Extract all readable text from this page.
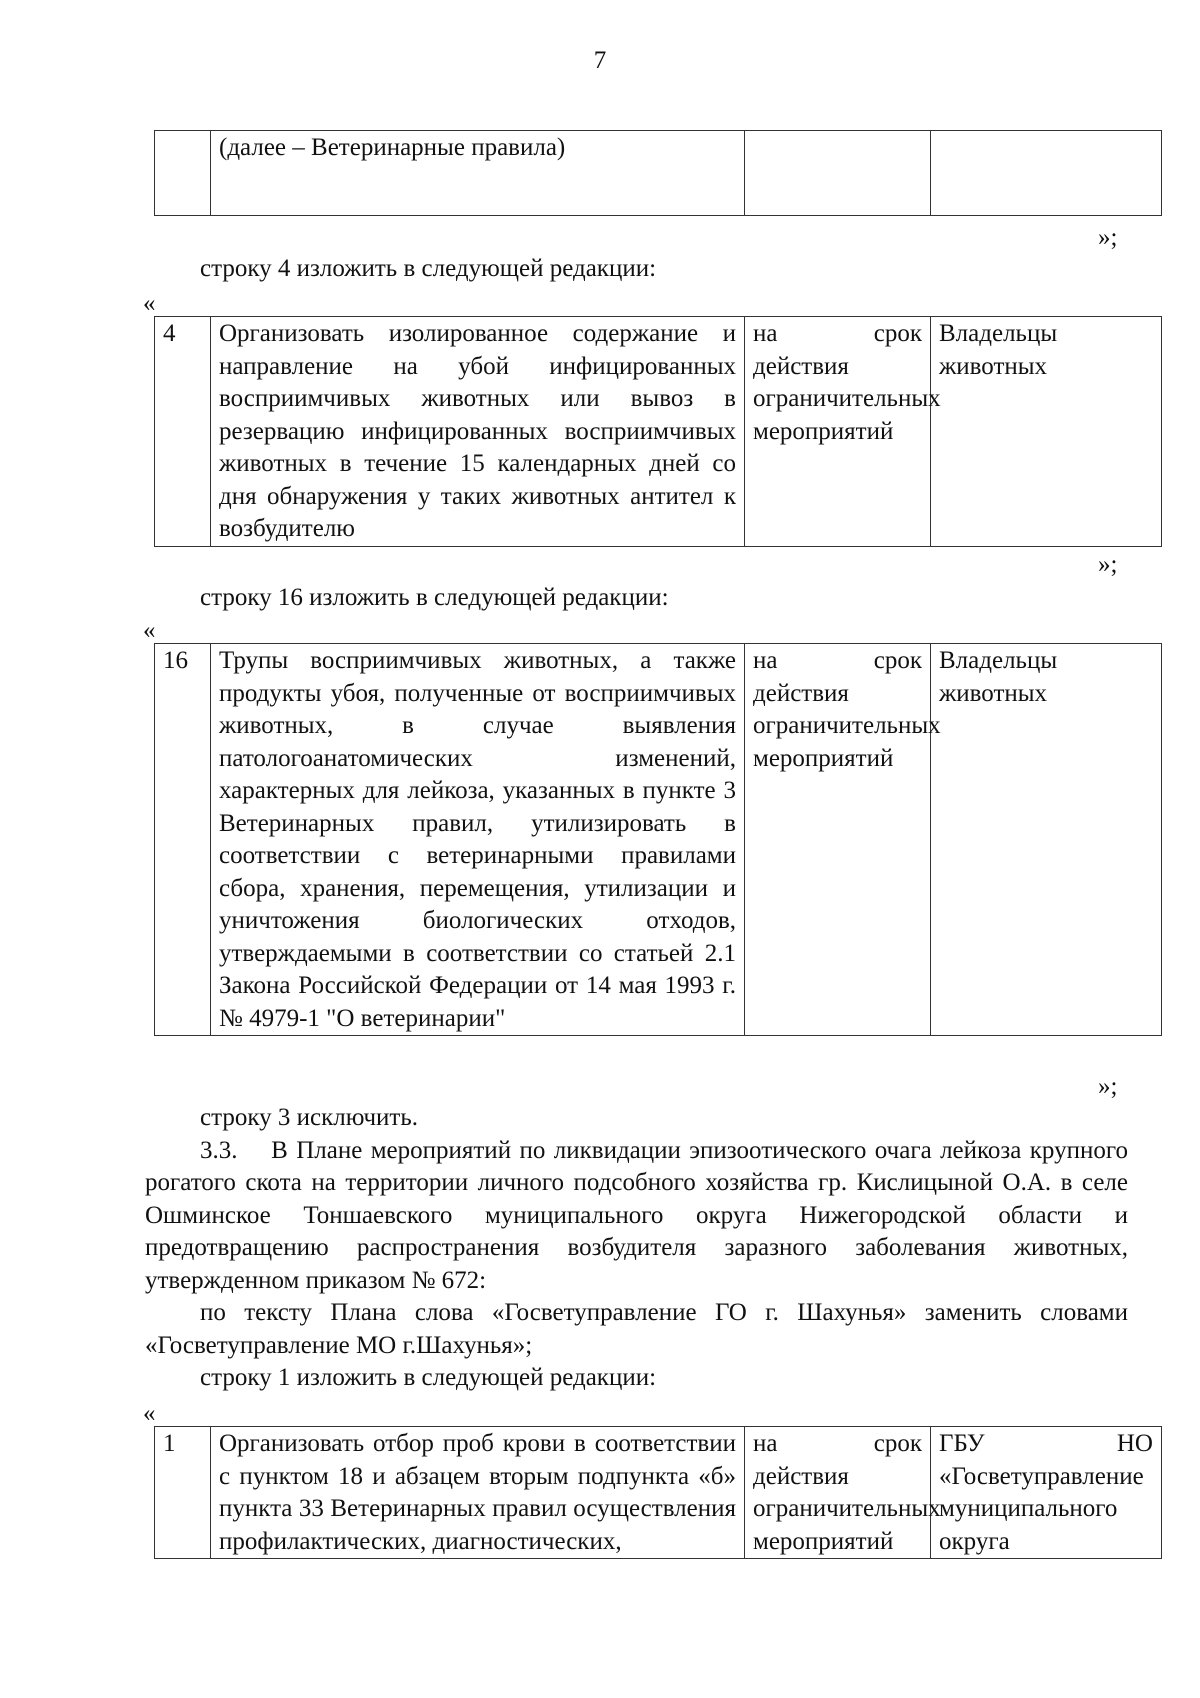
7
	(далее – Ветеринарные правила)		
»;
строку 4 изложить в следующей редакции:
«
4	Организовать изолированное содержание и направление на убой инфицированных восприимчивых животных или вывоз в резервацию инфицированных восприимчивых животных в течение 15 календарных дней со дня обнаружения у таких животных антител к возбудителю	на срок действия ограничительных мероприятий	Владельцы животных
»;
строку 16 изложить в следующей редакции:
«
16	Трупы восприимчивых животных, а также продукты убоя, полученные от восприимчивых животных, в случае выявления патологоанатомических изменений, характерных для лейкоза, указанных в пункте 3 Ветеринарных правил, утилизировать в соответствии с ветеринарными правилами сбора, хранения, перемещения, утилизации и уничтожения биологических отходов, утверждаемыми в соответствии со статьей 2.1 Закона Российской Федерации от 14 мая 1993 г. № 4979-1 "О ветеринарии"	на срок действия ограничительных мероприятий	Владельцы животных
»;

строку 3 исключить.

3.3.    В Плане мероприятий по ликвидации эпизоотического очага лейкоза крупного рогатого скота на территории личного подсобного хозяйства гр. Кислицыной О.А. в селе Ошминское Тоншаевского муниципального округа Нижегородской области и предотвращению распространения возбудителя заразного заболевания животных, утвержденном приказом № 672:

по тексту Плана слова «Госветуправление ГО г. Шахунья» заменить словами «Госветуправление МО г.Шахунья»;

строку 1 изложить в следующей редакции:

«
1	Организовать отбор проб крови в соответствии с пунктом 18 и абзацем вторым подпункта «б» пункта 33 Ветеринарных правил осуществления профилактических, диагностических,	на срок действия ограничительных мероприятий	ГБУ НО «Госветуправление муниципального округа
